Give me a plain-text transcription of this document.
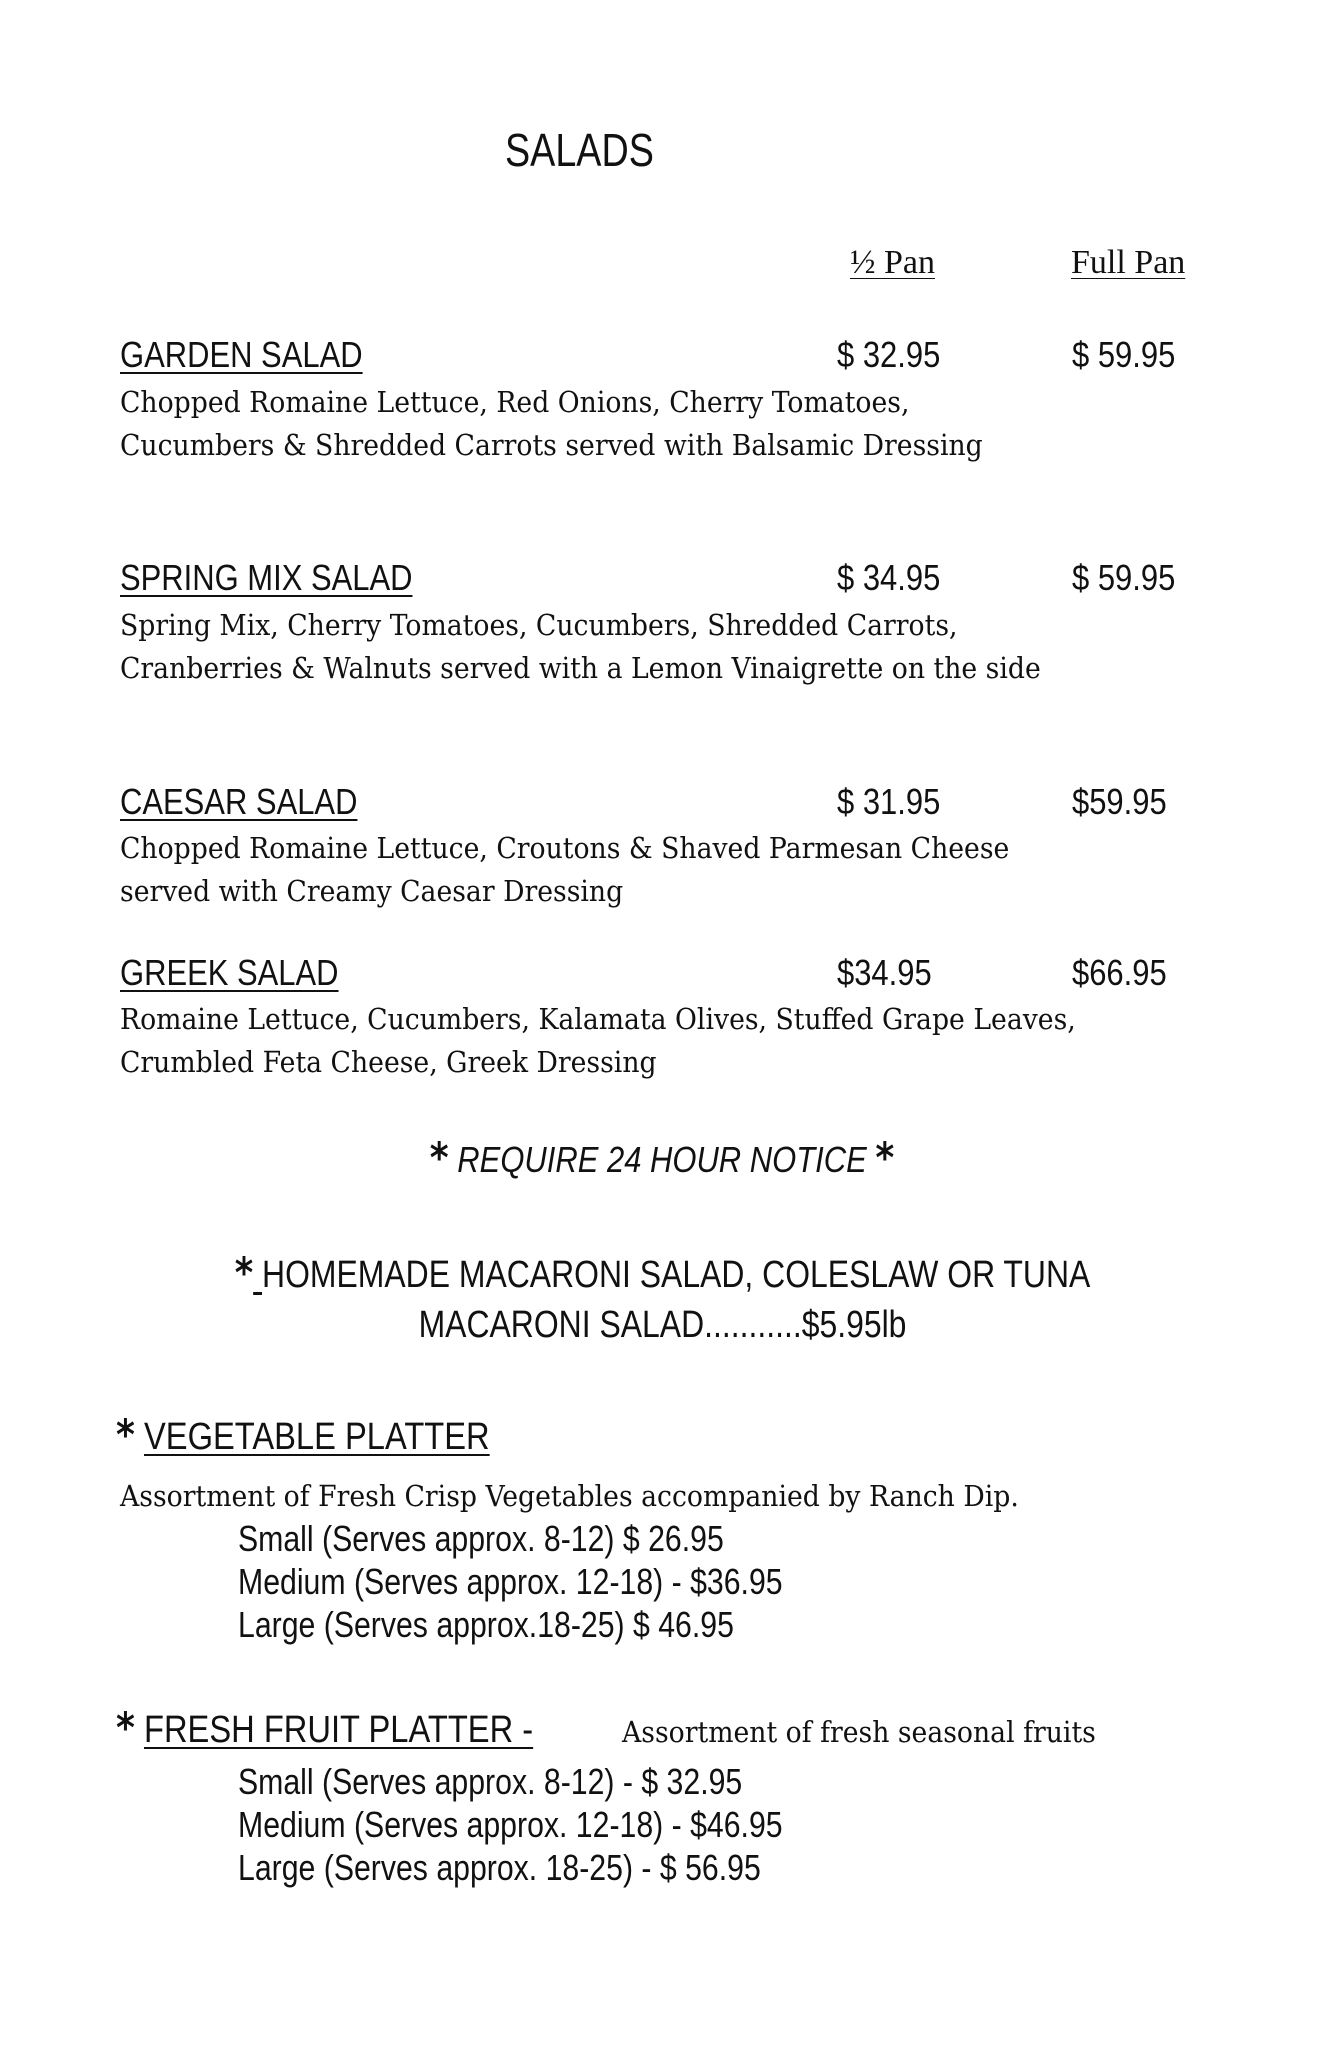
SALADS
½ Pan	Full Pan
GARDEN SALAD	$ 32.95	$ 59.95
Chopped Romaine Lettuce, Red Onions, Cherry Tomatoes,
Cucumbers & Shredded Carrots served with Balsamic Dressing
SPRING MIX SALAD	$ 34.95	$ 59.95
Spring Mix, Cherry Tomatoes, Cucumbers, Shredded Carrots,
Cranberries & Walnuts served with a Lemon Vinaigrette on the side
CAESAR SALAD	$ 31.95	$59.95
Chopped Romaine Lettuce, Croutons & Shaved Parmesan Cheese
served with Creamy Caesar Dressing
GREEK SALAD	$34.95	$66.95
Romaine Lettuce, Cucumbers, Kalamata Olives, Stuffed Grape Leaves,
Crumbled Feta Cheese, Greek Dressing
* REQUIRE 24 HOUR NOTICE *
* HOMEMADE MACARONI SALAD, COLESLAW OR TUNA
MACARONI SALAD...........$5.95lb
* VEGETABLE PLATTER
Assortment of Fresh Crisp Vegetables accompanied by Ranch Dip.
Small (Serves approx. 8-12) $ 26.95
Medium (Serves approx. 12-18) - $36.95
Large (Serves approx.18-25) $ 46.95
* FRESH FRUIT PLATTER -	Assortment of fresh seasonal fruits
Small (Serves approx. 8-12) - $ 32.95
Medium (Serves approx. 12-18) - $46.95
Large (Serves approx. 18-25) - $ 56.95
